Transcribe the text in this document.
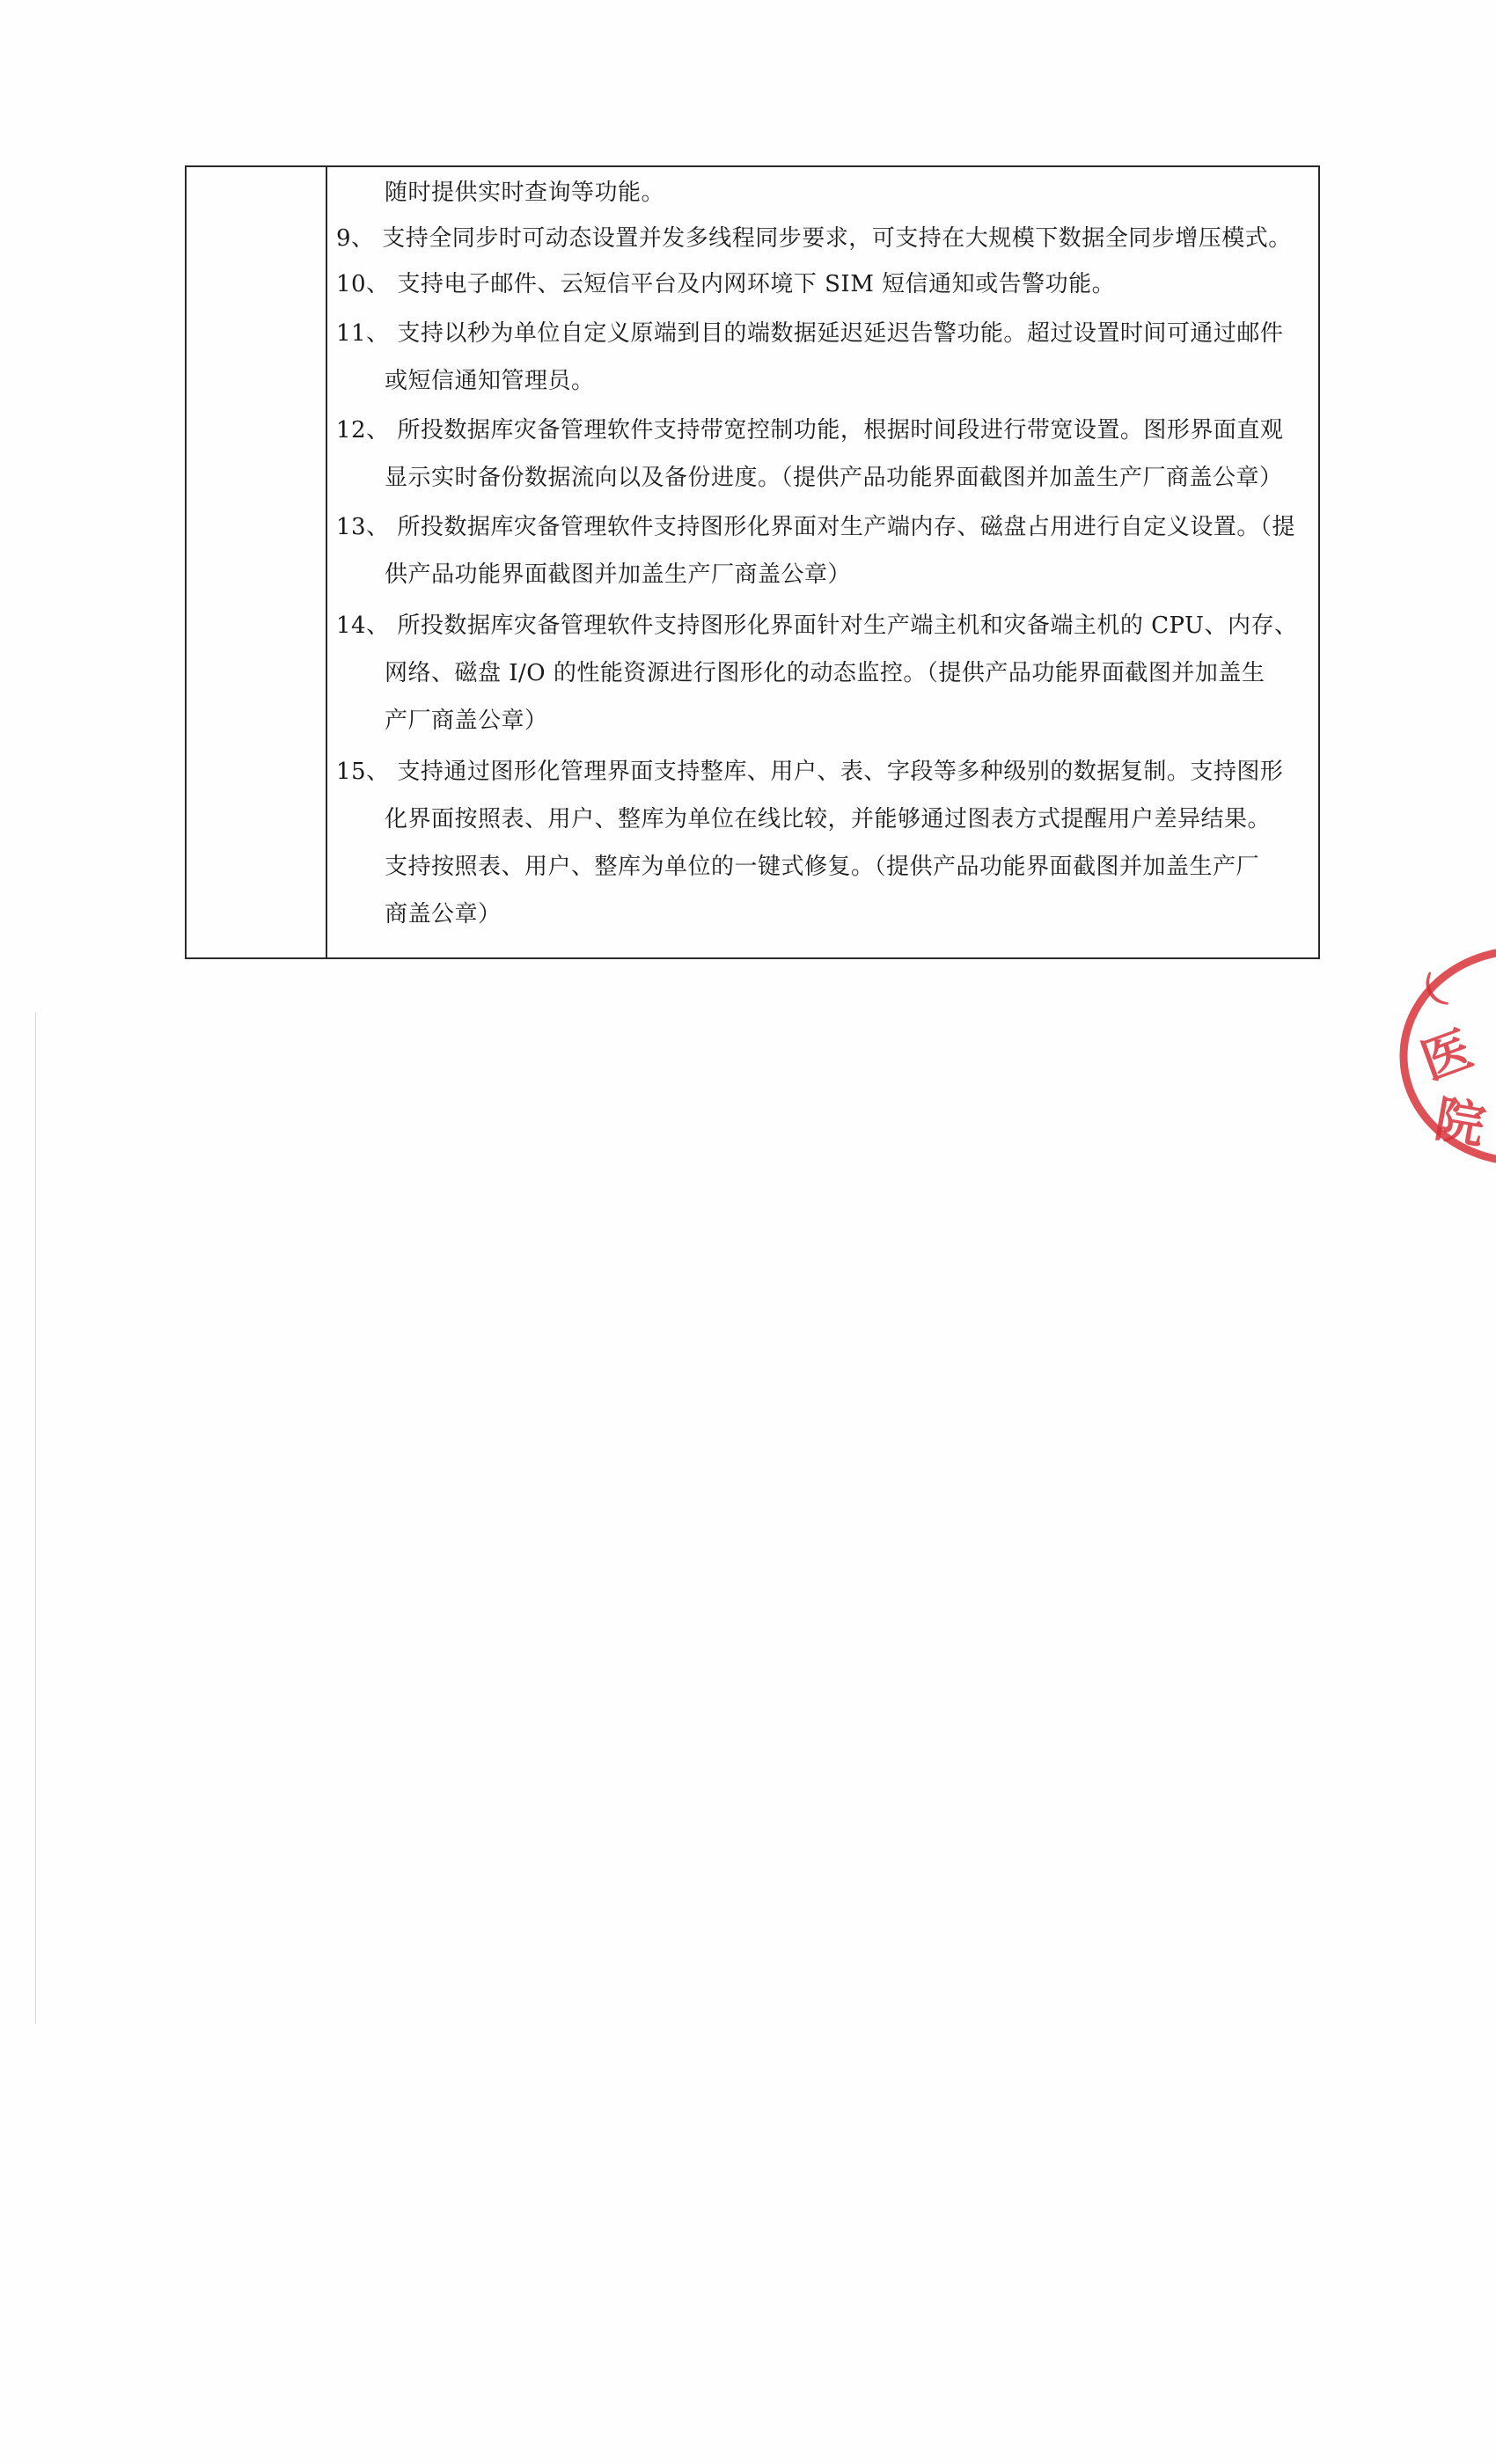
随时提供实时查询等功能。
9、 支持全同步时可动态设置并发多线程同步要求，可支持在大规模下数据全同步增压模式。
10、 支持电子邮件、云短信平台及内网环境下 SIM 短信通知或告警功能。
11、 支持以秒为单位自定义原端到目的端数据延迟延迟告警功能。超过设置时间可通过邮件
或短信通知管理员。
12、 所投数据库灾备管理软件支持带宽控制功能，根据时间段进行带宽设置。图形界面直观
显示实时备份数据流向以及备份进度。（提供产品功能界面截图并加盖生产厂商盖公章）
13、 所投数据库灾备管理软件支持图形化界面对生产端内存、磁盘占用进行自定义设置。（提
供产品功能界面截图并加盖生产厂商盖公章）
14、 所投数据库灾备管理软件支持图形化界面针对生产端主机和灾备端主机的 CPU、内存、
网络、磁盘 I/O 的性能资源进行图形化的动态监控。（提供产品功能界面截图并加盖生
产厂商盖公章）
15、 支持通过图形化管理界面支持整库、用户、表、字段等多种级别的数据复制。支持图形
化界面按照表、用户、整库为单位在线比较，并能够通过图表方式提醒用户差异结果。
支持按照表、用户、整库为单位的一键式修复。（提供产品功能界面截图并加盖生产厂
商盖公章）
（
医
院
